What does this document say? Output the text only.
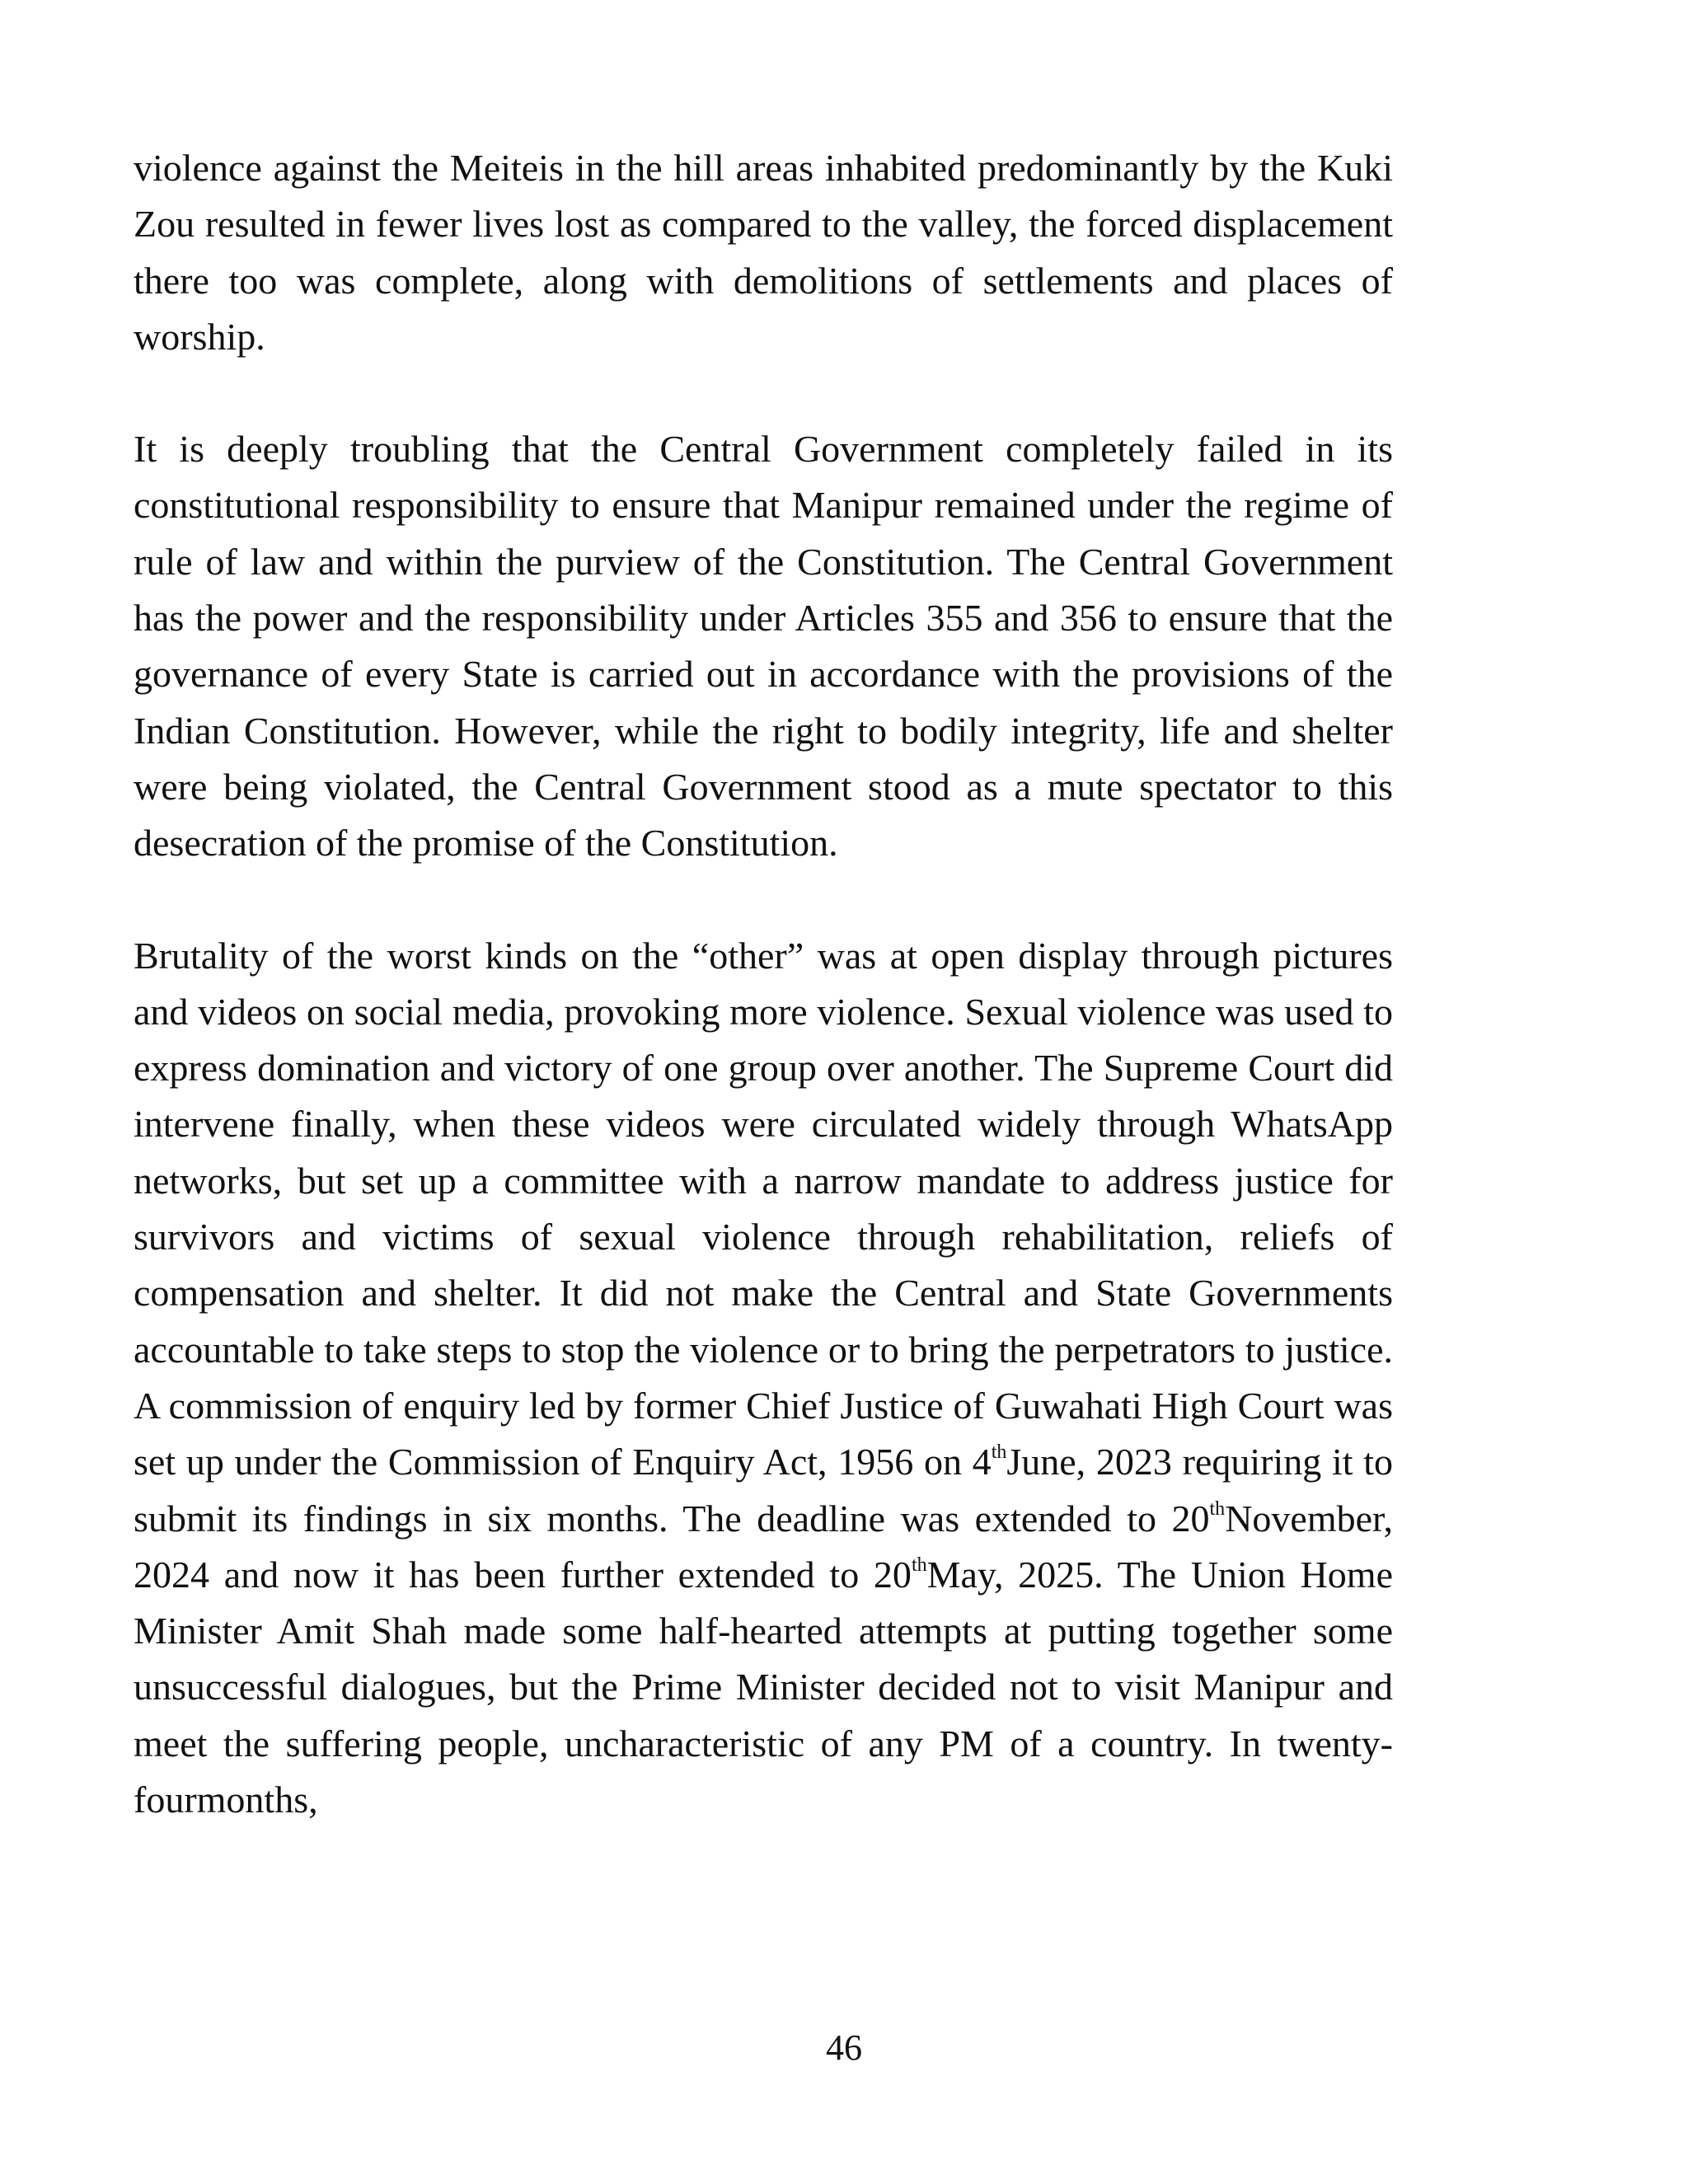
violence against the Meiteis in the hill areas inhabited predominantly by the Kuki Zou resulted in fewer lives lost as compared to the valley, the forced displacement there too was complete, along with demolitions of settlements and places of worship.

It is deeply troubling that the Central Government completely failed in its constitutional responsibility to ensure that Manipur remained under the regime of rule of law and within the purview of the Constitution. The Central Government has the power and the responsibility under Articles 355 and 356 to ensure that the governance of every State is carried out in accordance with the provisions of the Indian Constitution. However, while the right to bodily integrity, life and shelter were being violated, the Central Government stood as a mute spectator to this desecration of the promise of the Constitution.

Brutality of the worst kinds on the “other” was at open display through pictures and videos on social media, provoking more violence. Sexual violence was used to express domination and victory of one group over another. The Supreme Court did intervene finally, when these videos were circulated widely through WhatsApp networks, but set up a committee with a narrow mandate to address justice for survivors and victims of sexual violence through rehabilitation, reliefs of compensation and shelter. It did not make the Central and State Governments accountable to take steps to stop the violence or to bring the perpetrators to justice. A commission of enquiry led by former Chief Justice of Guwahati High Court was set up under the Commission of Enquiry Act, 1956 on 4thJune, 2023 requiring it to submit its findings in six months. The deadline was extended to 20thNovember, 2024 and now it has been further extended to 20thMay, 2025. The Union Home Minister Amit Shah made some half-hearted attempts at putting together some unsuccessful dialogues, but the Prime Minister decided not to visit Manipur and meet the suffering people, uncharacteristic of any PM of a country. In twenty-fourmonths,

46
